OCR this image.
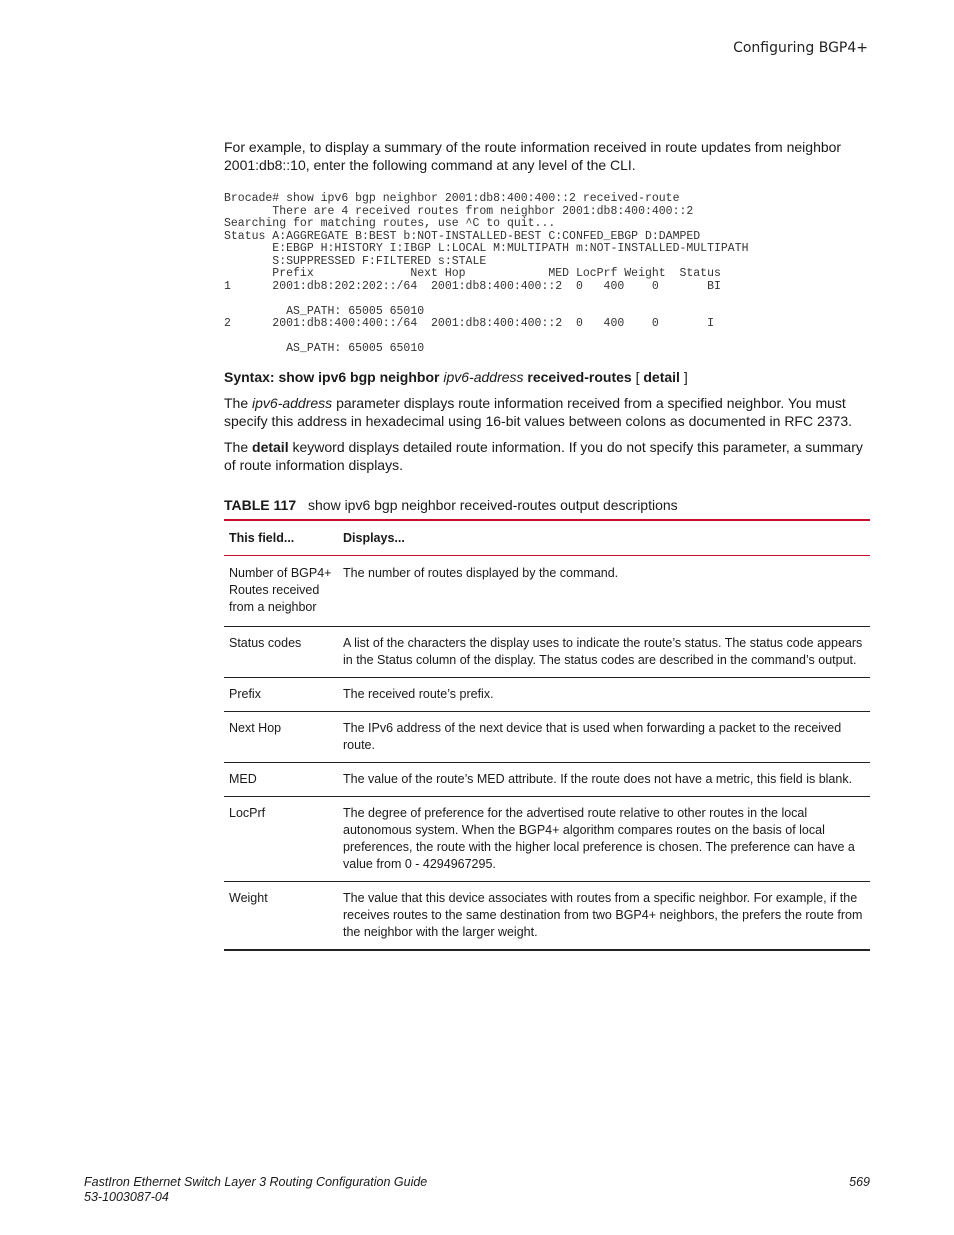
Configuring BGP4+

For example, to display a summary of the route information received in route updates from neighbor 2001:db8::10, enter the following command at any level of the CLI.

Brocade# show ipv6 bgp neighbor 2001:db8:400:400::2 received-route
There are 4 received routes from neighbor 2001:db8:400:400::2
Searching for matching routes, use ^C to quit...
Status A:AGGREGATE B:BEST b:NOT-INSTALLED-BEST C:CONFED_EBGP D:DAMPED
E:EBGP H:HISTORY I:IBGP L:LOCAL M:MULTIPATH m:NOT-INSTALLED-MULTIPATH
S:SUPPRESSED F:FILTERED s:STALE
Prefix              Next Hop            MED LocPrf Weight  Status
1      2001:db8:202:202::/64  2001:db8:400:400::2  0   400    0       BI

AS_PATH: 65005 65010
2      2001:db8:400:400::/64  2001:db8:400:400::2  0   400    0       I

AS_PATH: 65005 65010

Syntax: show ipv6 bgp neighbor ipv6-address received-routes [ detail ]

The ipv6-address parameter displays route information received from a specified neighbor. You must specify this address in hexadecimal using 16-bit values between colons as documented in RFC 2373.

The detail keyword displays detailed route information. If you do not specify this parameter, a summary of route information displays.

TABLE 117 show ipv6 bgp neighbor received-routes output descriptions

This field...	Displays...
Number of BGP4+ Routes received from a neighbor	The number of routes displayed by the command.
Status codes	A list of the characters the display uses to indicate the route’s status. The status code appears in the Status column of the display. The status codes are described in the command’s output.
Prefix	The received route’s prefix.
Next Hop	The IPv6 address of the next device that is used when forwarding a packet to the received route.
MED	The value of the route’s MED attribute. If the route does not have a metric, this field is blank.
LocPrf	The degree of preference for the advertised route relative to other routes in the local autonomous system. When the BGP4+ algorithm compares routes on the basis of local preferences, the route with the higher local preference is chosen. The preference can have a value from 0 - 4294967295.
Weight	The value that this device associates with routes from a specific neighbor. For example, if the receives routes to the same destination from two BGP4+ neighbors, the prefers the route from the neighbor with the larger weight.
FastIron Ethernet Switch Layer 3 Routing Configuration Guide
53-1003087-04
569
